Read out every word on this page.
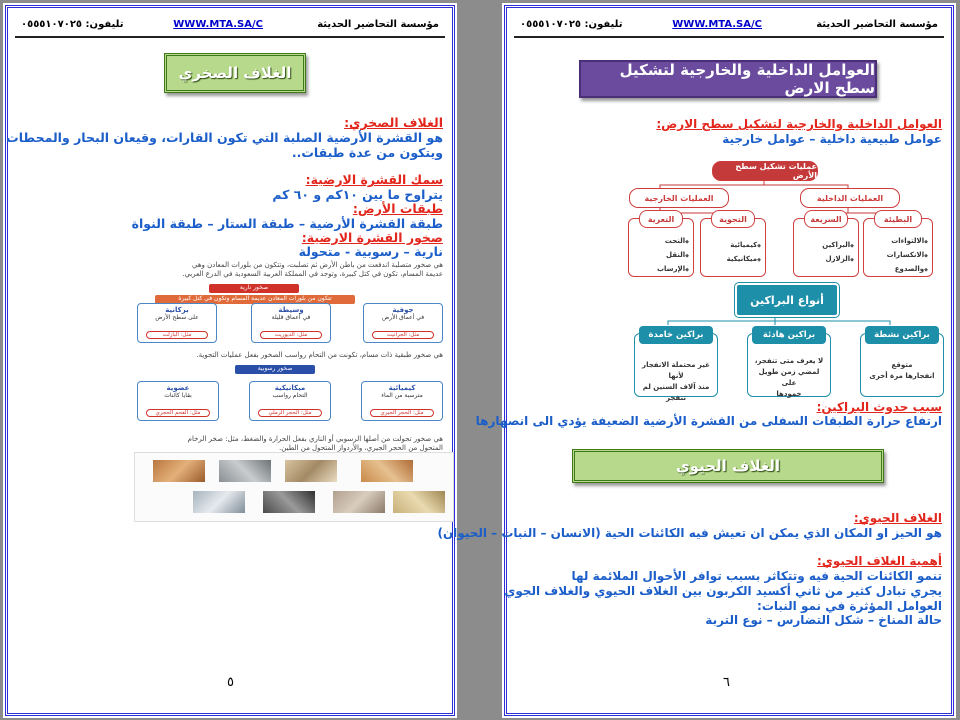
مؤسسة التحاضير الحديثة
WWW.MTA.SA/C
تليفون: ٠٥٥٥١٠٧٠٢٥
الغلاف الصخري
الغلاف الصخري:
هو القشرة الأرضية الصلبة التي تكون القارات، وقيعان البحار والمحطات
ويتكون من عدة طبقات..
سمك القشرة الارضية:
يتراوح ما بين ١٠كم و ٦٠ كم
طبقات الأرض:
طبقة القشرة الأرضية – طبقة الستار – طبقة النواة
صخور القشرة الارضية:
نارية – رسوبية - متحولة
هي صخور متصلبة اندفعت من باطن الأرض ثم تصلبت، وتتكون من بلورات المعادن وهي
عديمة المسام، تكون في كتل كبيرة، وتوجد في المملكة العربية السعودية في الدرع العربي.
صخور نارية
تتكون من بلورات المعادن عديمة المسام وتكون في كتل كبيرة
جوفية
في أعماق الأرض
مثل: الجرانيت
وسيطة
في أعماق قليلة
مثل: الديوريت
بركانية
على سطح الأرض
مثل: البازلت
هي صخور طبقية ذات مسام، تكونت من التحام رواسب الصخور بفعل عمليات التجوية.
صخور رسوبية
كيميائية
مترسبة من الماء
مثل: الحجر الجيري
ميكانيكية
التحام رواسب
مثل: الحجر الرملي
عضوية
بقايا كائنات
مثل: الفحم الحجري
هي صخور تحولت من أصلها الرسوبي أو الناري بفعل الحرارة والضغط، مثل: صخر الرخام
المتحول من الحجر الجيري، والأردواز المتحول من الطين.
٥
مؤسسة التحاضير الحديثة
WWW.MTA.SA/C
تليفون: ٠٥٥٥١٠٧٠٢٥
العوامل الداخلية والخارجية لتشكيل سطح الارض
العوامل الداخلية والخارجية لتشكيل سطح الارض:
عوامل طبيعية داخلية – عوامل خارجية
عمليات تشكيل سطح الأرض
العمليات الخارجية	العمليات الداخلية
التعرية
◆ النحت
◆ النقل
◆ الإرساب
التجوية
◆ كيميائية
◆ ميكانيكية
السريعة
◆ البراكين
◆ الزلازل
البطيئة
◆ الالتواءات
◆ الانكسارات
◆ والصدوع
أنواع البراكين
براكين خامدة
غير محتملة الانفجار لأنها
منذ آلاف السنين لم تنفجر
براكين هادئة
لا يعرف متى تنفجر،
لمضي زمن طويل على
خمودها
براكين نشطة
متوقع
انفجارها مرة أخرى
سبب حدوث البراكين:
ارتفاع حرارة الطبقات السفلى من القشرة الأرضية الضعيفة يؤدي الى انصهارها
الغلاف الحيوي
الغلاف الحيوي:
هو الحيز او المكان الذي يمكن ان تعيش فيه الكائنات الحية (الانسان – النبات – الحيوان)
أهمية الغلاف الحيوي:
تنمو الكائنات الحية فيه وتتكاثر بسبب توافر الأحوال الملائمة لها
يجري تبادل كثير من ثاني أكسيد الكربون بين الغلاف الحيوي والغلاف الجوي
العوامل المؤثرة في نمو النبات:
حالة المناخ – شكل التضارس – نوع التربة
٦
